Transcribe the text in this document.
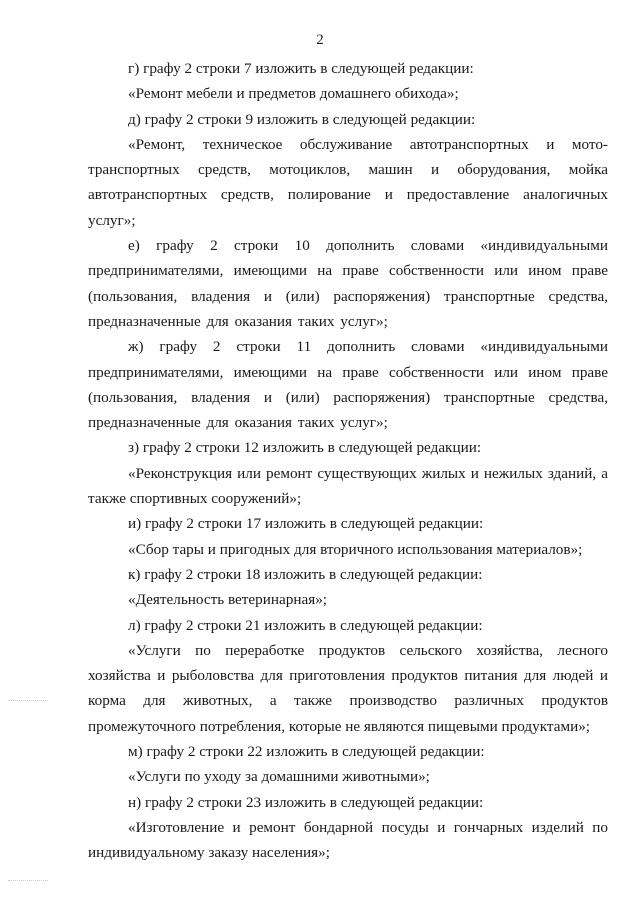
2

г) графу 2 строки 7 изложить в следующей редакции:

«Ремонт мебели и предметов домашнего обихода»;

д) графу 2 строки 9 изложить в следующей редакции:

«Ремонт, техническое обслуживание автотранспортных и мото-транспортных средств, мотоциклов, машин и оборудования, мойка автотранспортных средств, полирование и предоставление аналогичных услуг»;

е) графу 2 строки 10 дополнить словами «индивидуальными предпринимателями, имеющими на праве собственности или ином праве (пользования, владения и (или) распоряжения) транспортные средства, предназначенные для оказания таких услуг»;

ж) графу 2 строки 11 дополнить словами «индивидуальными предпринимателями, имеющими на праве собственности или ином праве (пользования, владения и (или) распоряжения) транспортные средства, предназначенные для оказания таких услуг»;

з) графу 2 строки 12 изложить в следующей редакции:

«Реконструкция или ремонт существующих жилых и нежилых зданий, а также спортивных сооружений»;

и) графу 2 строки 17 изложить в следующей редакции:

«Сбор тары и пригодных для вторичного использования материалов»;

к) графу 2 строки 18 изложить в следующей редакции:

«Деятельность ветеринарная»;

л) графу 2 строки 21 изложить в следующей редакции:

«Услуги по переработке продуктов сельского хозяйства, лесного хозяйства и рыболовства для приготовления продуктов питания для людей и корма для животных, а также производство различных продуктов промежуточного потребления, которые не являются пищевыми продуктами»;

м) графу 2 строки 22 изложить в следующей редакции:

«Услуги по уходу за домашними животными»;

н) графу 2 строки 23 изложить в следующей редакции:

«Изготовление и ремонт бондарной посуды и гончарных изделий по индивидуальному заказу населения»;
